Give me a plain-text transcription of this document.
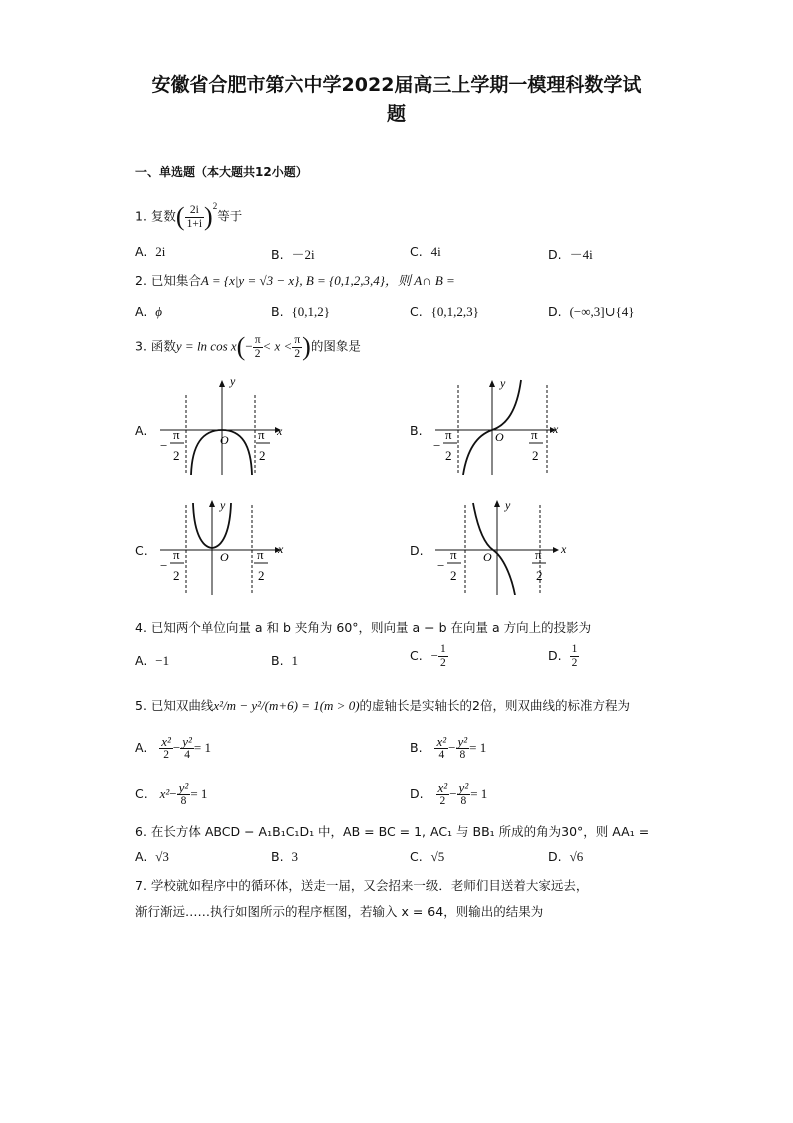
安徽省合肥市第六中学2022届高三上学期一模理科数学试
题
一、单选题（本大题共12小题）
1. 复数( $\frac{2i}{1+i} )^2$等于
A. 2i	B. －2i	C. 4i	D. －4i
2. 已知集合A = {x|y = √3 − x}, B = {0,1,2,3,4}，则 A∩ B =
A. ϕ	B. {0,1,2}	C. {0,1,2,3}	D. (−∞,3]∪{4}
3. 函数$y = \ln \cos x(- \frac{\pi}{2} < x < \frac{\pi}{2}$ )的图象是
A.	B.
C.	D.
y
x
O
−
π
2
π
2
y
x
O
−
π
2
π
2
y
x
O
−
π
2
π
2
y
x
O
−
π
2
π
2
4. 已知两个单位向量 a 和 b 夹角为 60°，则向量 a − b 在向量 a 方向上的投影为
A. −1	B. 1	C. − $\frac{1}{2}$	D. $\frac{1}{2}$
5. 已知双曲线x²/m − y²/(m+6) = 1(m > 0)的虚轴长是实轴长的2倍，则双曲线的标准方程为
A. $\frac{\text{x²}}{2} - \frac{\text{y²}}{4} = 1$	B. $\frac{\text{x²}}{4} - \frac{\text{y²}}{8} = 1$
C. $x^2- \frac{\text{y²}}{8} = 1$	D. $\frac{\text{x²}}{2} - \frac{\text{y²}}{8} = 1$
6. 在长方体 ABCD − A₁B₁C₁D₁ 中，AB = BC = 1, AC₁ 与 BB₁ 所成的角为30°，则 AA₁ =
A. √3	B. 3	C. √5	D. √6
7. 学校就如程序中的循环体，送走一届，又会招来一级．老师们目送着大家远去，
渐行渐远……执行如图所示的程序框图，若输入 x = 64，则输出的结果为
